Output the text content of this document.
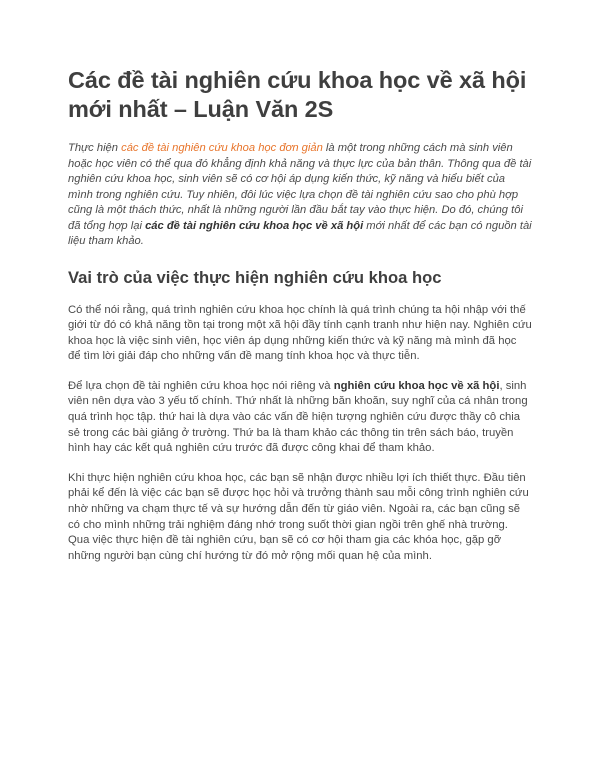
Các đề tài nghiên cứu khoa học về xã hội mới nhất – Luận Văn 2S

Thực hiện các đề tài nghiên cứu khoa học đơn giản là một trong những cách mà sinh viên hoặc học viên có thể qua đó khẳng định khả năng và thực lực của bản thân. Thông qua đề tài nghiên cứu khoa học, sinh viên sẽ có cơ hội áp dụng kiến thức, kỹ năng và hiểu biết của mình trong nghiên cứu. Tuy nhiên, đôi lúc việc lựa chọn đề tài nghiên cứu sao cho phù hợp cũng là một thách thức, nhất là những người lần đầu bắt tay vào thực hiện. Do đó, chúng tôi đã tổng hợp lại các đề tài nghiên cứu khoa học về xã hội mới nhất để các bạn có nguồn tài liệu tham khảo.

Vai trò của việc thực hiện nghiên cứu khoa học

Có thể nói rằng, quá trình nghiên cứu khoa học chính là quá trình chúng ta hội nhập với thế giới từ đó có khả năng tồn tại trong một xã hội đầy tính cạnh tranh như hiện nay. Nghiên cứu khoa học là việc sinh viên, học viên áp dụng những kiến thức và kỹ năng mà mình đã học để tìm lời giải đáp cho những vấn đề mang tính khoa học và thực tiễn.

Để lựa chọn đề tài nghiên cứu khoa học nói riêng và nghiên cứu khoa học về xã hội, sinh viên nên dựa vào 3 yếu tố chính. Thứ nhất là những băn khoăn, suy nghĩ của cá nhân trong quá trình học tập. thứ hai là dựa vào các vấn đề hiện tượng nghiên cứu được thầy cô chia sẻ trong các bài giảng ở trường. Thứ ba là tham khảo các thông tin trên sách báo, truyền hình hay các kết quả nghiên cứu trước đã được công khai để tham khảo.

Khi thực hiện nghiên cứu khoa học, các bạn sẽ nhận được nhiều lợi ích thiết thực. Đầu tiên phải kể đến là việc các bạn sẽ được học hỏi và trưởng thành sau mỗi công trình nghiên cứu nhờ những va chạm thực tế và sự hướng dẫn đến từ giáo viên. Ngoài ra, các bạn cũng sẽ có cho mình những trải nghiệm đáng nhớ trong suốt thời gian ngồi trên ghế nhà trường. Qua việc thực hiện đề tài nghiên cứu, bạn sẽ có cơ hội tham gia các khóa học, gặp gỡ những người bạn cùng chí hướng từ đó mở rộng mối quan hệ của mình.
